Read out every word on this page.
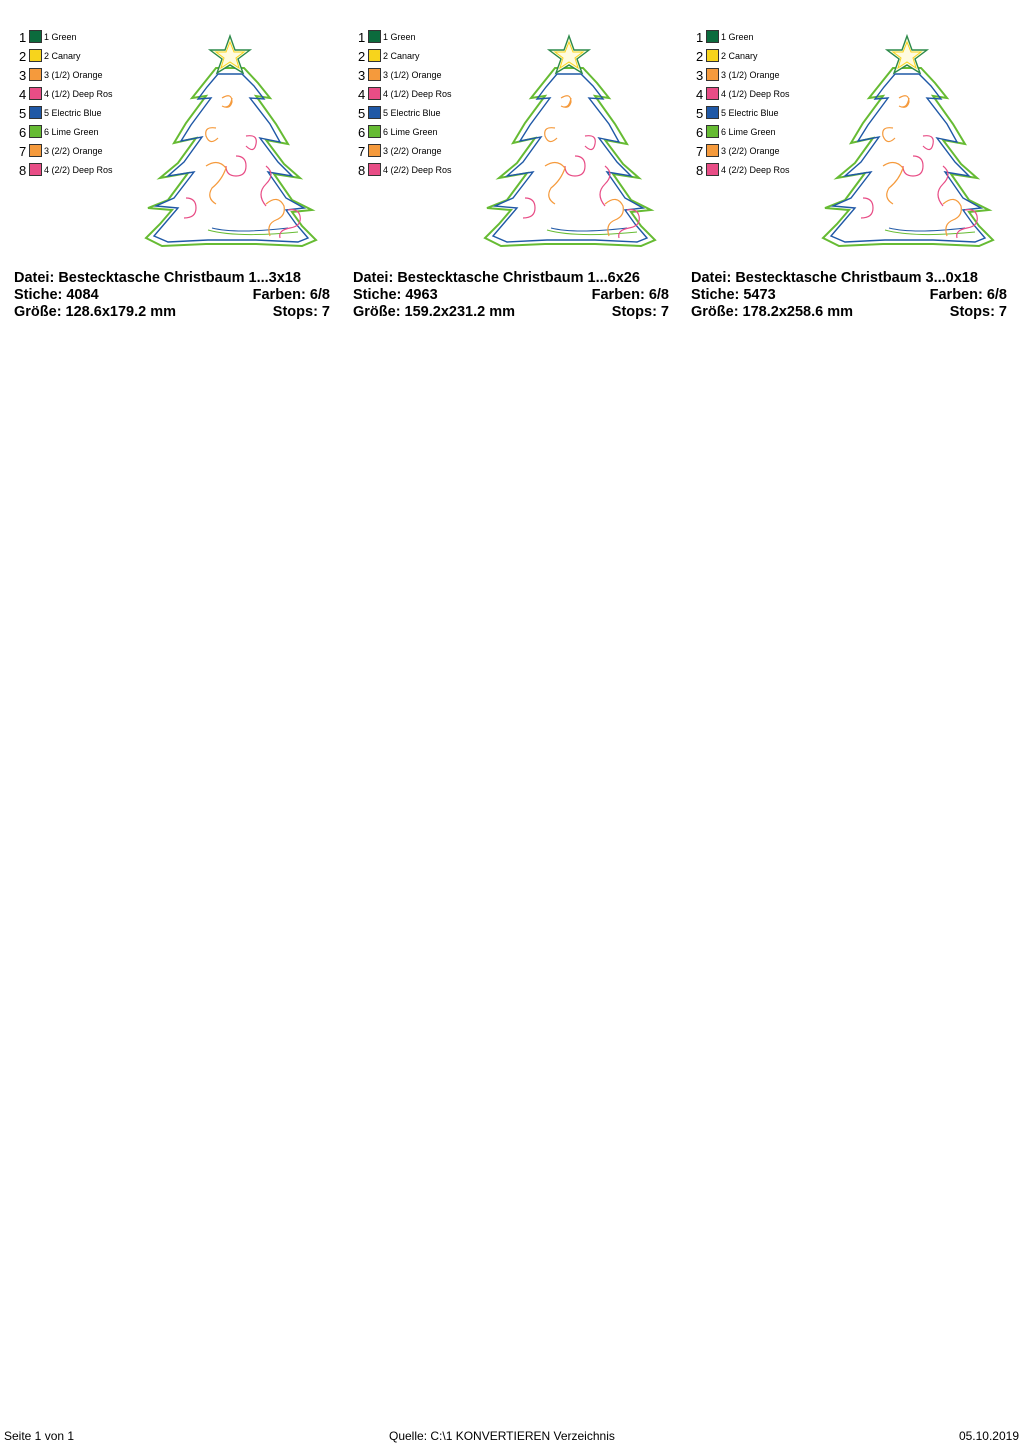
1	1 Green
2	2 Canary
3	3 (1/2) Orange
4	4 (1/2) Deep Ros
5	5 Electric Blue
6	6 Lime Green
7	3 (2/2) Orange
8	4 (2/2) Deep Ros
Datei: Bestecktasche Christbaum 1...3x18
Stiche: 4084	Farben: 6/8
Größe: 128.6x179.2 mm	Stops: 7
1	1 Green
2	2 Canary
3	3 (1/2) Orange
4	4 (1/2) Deep Ros
5	5 Electric Blue
6	6 Lime Green
7	3 (2/2) Orange
8	4 (2/2) Deep Ros
Datei: Bestecktasche Christbaum 1...6x26
Stiche: 4963	Farben: 6/8
Größe: 159.2x231.2 mm	Stops: 7
1	1 Green
2	2 Canary
3	3 (1/2) Orange
4	4 (1/2) Deep Ros
5	5 Electric Blue
6	6 Lime Green
7	3 (2/2) Orange
8	4 (2/2) Deep Ros
Datei: Bestecktasche Christbaum 3...0x18
Stiche: 5473	Farben: 6/8
Größe: 178.2x258.6 mm	Stops: 7
Seite 1 von 1	Quelle: C:\1 KONVERTIEREN Verzeichnis	05.10.2019
